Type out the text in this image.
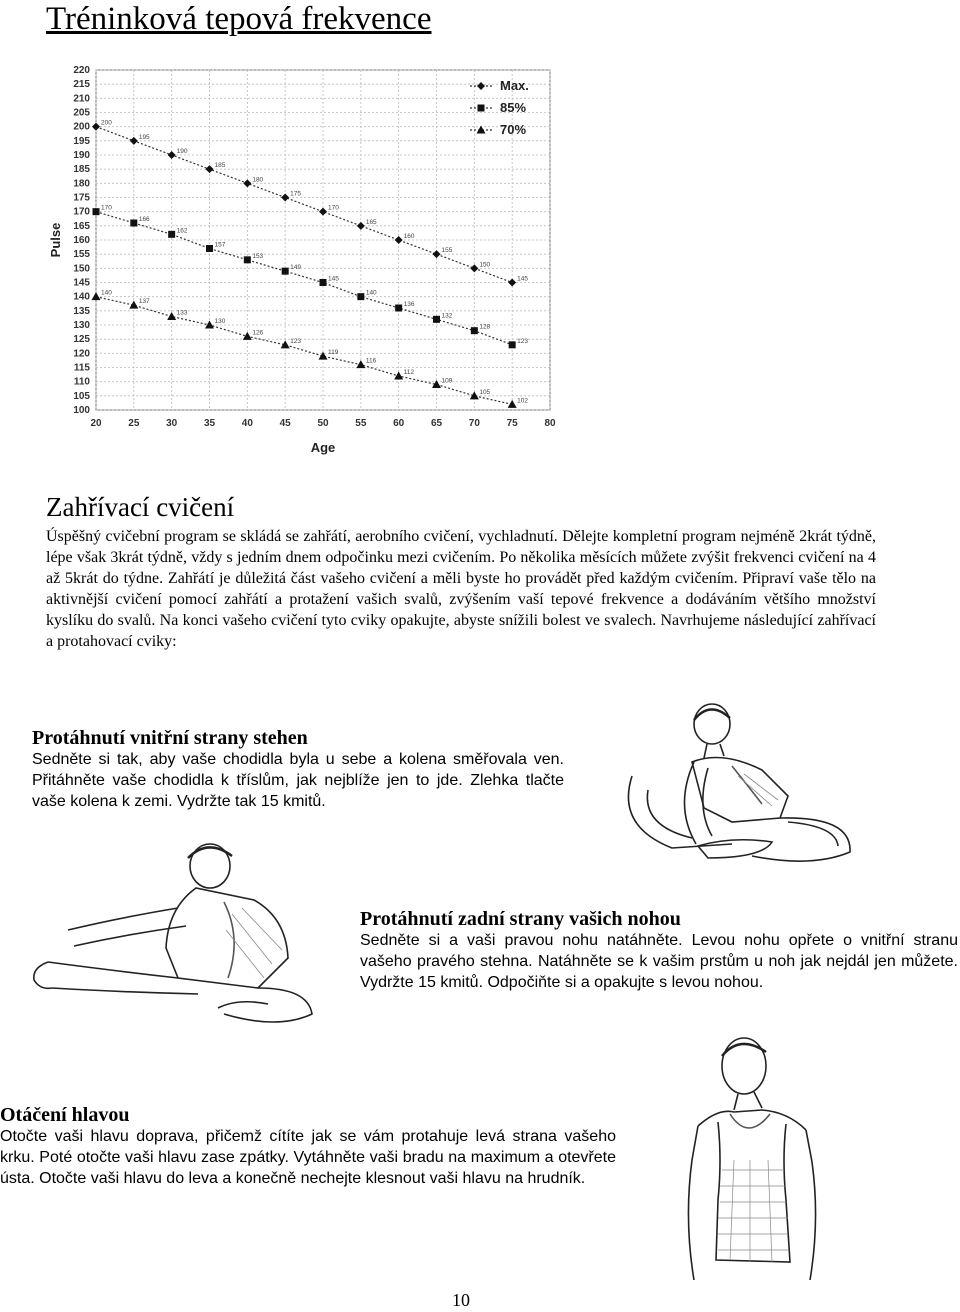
Tréninková tepová frekvence
100
105
110
115
120
125
130
135
140
145
150
155
160
165
170
175
180
185
190
195
200
205
210
215
220
20	25	30	35	40	45	50	55	60	65	70	75	80
Age
Pulse
200
195
190
185
180
175
170
165
160
155
150
145
170
166
162
157
153
149
145
140
136
132
128
123
140
137
133
130
126
123
119
116
112
109
105
102
Max.
85%
70%
Zahřívací cvičení

Úspěšný cvičební program se skládá se zahřátí, aerobního cvičení, vychladnutí. Dělejte kompletní program nejméně 2krát týdně, lépe však 3krát týdně, vždy s jedním dnem odpočinku mezi cvičením. Po několika měsících můžete zvýšit frekvenci cvičení na 4 až 5krát do týdne. Zahřátí je důležitá část vašeho cvičení a měli byste ho provádět před každým cvičením. Připraví vaše tělo na aktivnější cvičení pomocí zahřátí a protažení vašich svalů, zvýšením vaší tepové frekvence a dodáváním většího množství kyslíku do svalů. Na konci vašeho cvičení tyto cviky opakujte, abyste snížili bolest ve svalech. Navrhujeme následující zahřívací a protahovací cviky:

Protáhnutí vnitřní strany stehen

Sedněte si tak, aby vaše chodidla byla u sebe a kolena směřovala ven. Přitáhněte vaše chodidla k tříslům, jak nejblíže jen to jde. Zlehka tlačte vaše kolena k zemi. Vydržte tak 15 kmitů.

Protáhnutí zadní strany vašich nohou

Sedněte si a vaši pravou nohu natáhněte. Levou nohu opřete o vnitřní stranu vašeho pravého stehna. Natáhněte se k vašim prstům u noh jak nejdál jen můžete. Vydržte 15 kmitů. Odpočiňte si a opakujte s levou nohou.

Otáčení hlavou

Otočte vaši hlavu doprava, přičemž cítíte jak se vám protahuje levá strana vašeho krku. Poté otočte vaši hlavu zase zpátky. Vytáhněte vaši bradu na maximum a otevřete ústa. Otočte vaši hlavu do leva a konečně nechejte klesnout vaši hlavu na hrudník.

10
